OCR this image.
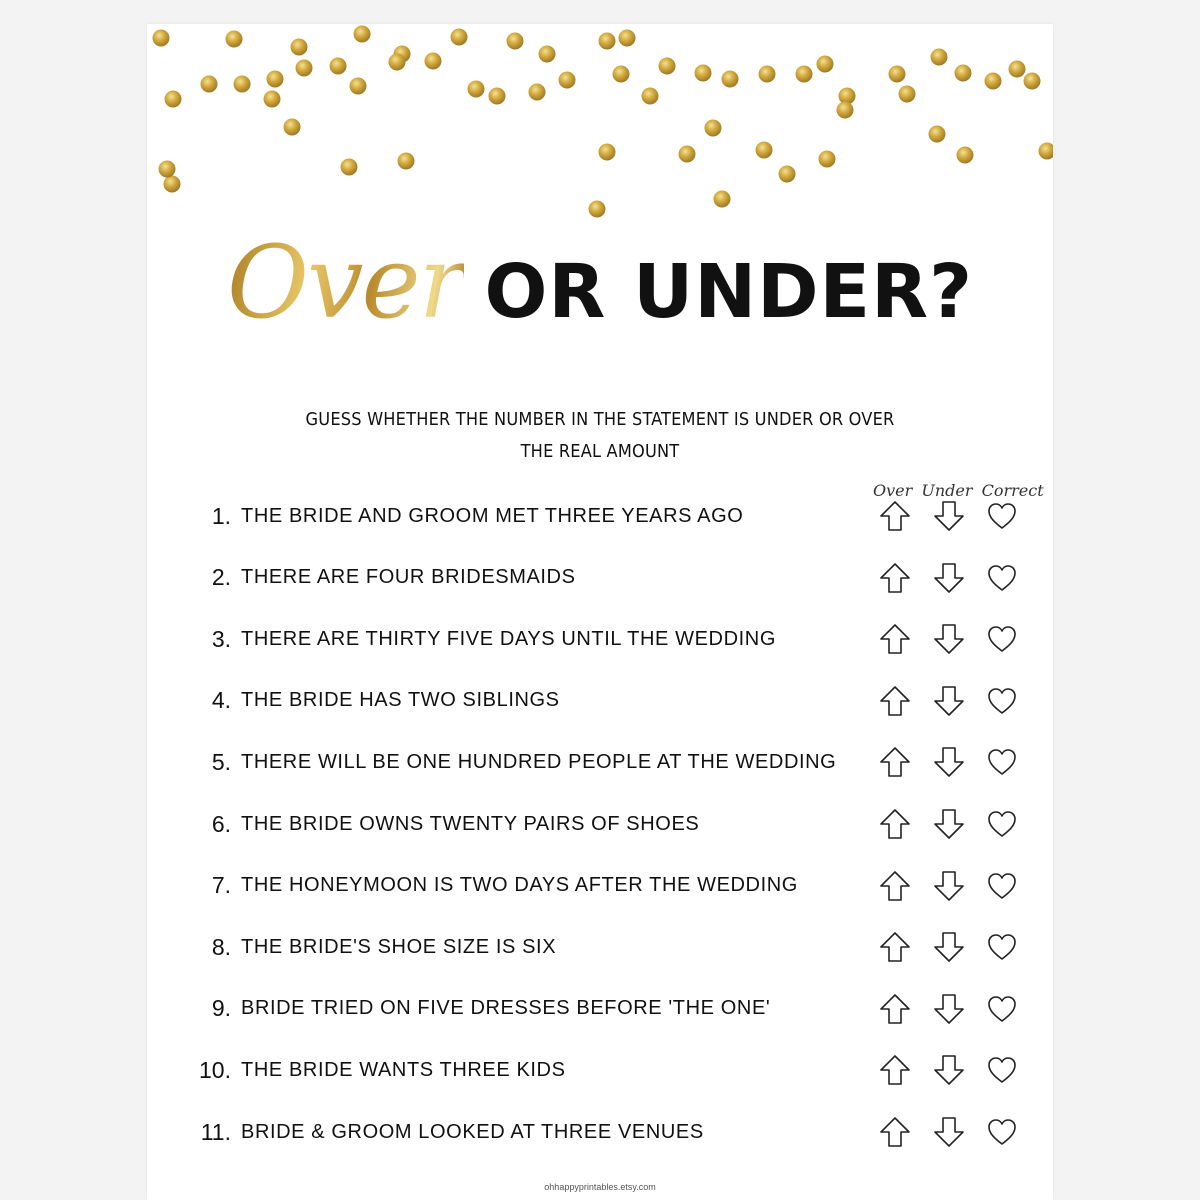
Over OR UNDER?
GUESS WHETHER THE NUMBER IN THE STATEMENT IS UNDER OR OVER
THE REAL AMOUNT
Over Under Correct
1. THE BRIDE AND GROOM MET THREE YEARS AGO
2. THERE ARE FOUR BRIDESMAIDS
3. THERE ARE THIRTY FIVE DAYS UNTIL THE WEDDING
4. THE BRIDE HAS TWO SIBLINGS
5. THERE WILL BE ONE HUNDRED PEOPLE AT THE WEDDING
6. THE BRIDE OWNS TWENTY PAIRS OF SHOES
7. THE HONEYMOON IS TWO DAYS AFTER THE WEDDING
8. THE BRIDE'S SHOE SIZE IS SIX
9. BRIDE TRIED ON FIVE DRESSES BEFORE 'THE ONE'
10. THE BRIDE WANTS THREE KIDS
11. BRIDE & GROOM LOOKED AT THREE VENUES
ohhappyprintables.etsy.com
